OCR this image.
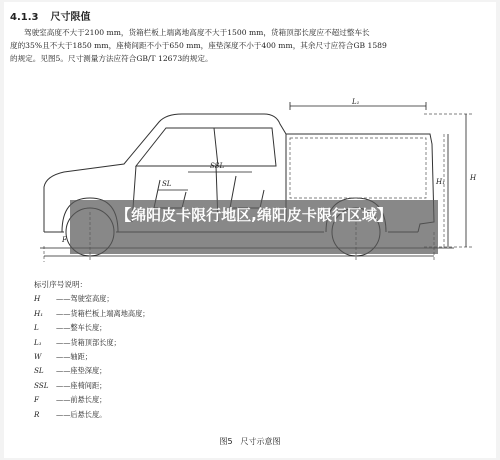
4.1.3 尺寸限值
驾驶室高度不大于2100 mm，货箱栏板上端离地高度不大于1500 mm，货箱顶部长度应不超过整车长
度的35%且不大于1850 mm，座椅间距不小于650 mm，座垫深度不小于400 mm，其余尺寸应符合GB 1589
的规定。见图5。尺寸测量方法应符合GB/T 12673的规定。
L₁
H
H₁
SL
SSL
F
【绵阳皮卡限行地区,绵阳皮卡限行区域】
标引序号说明：
H ——驾驶室高度；
H₁ ——货箱栏板上端离地高度；
L ——整车长度；
L₁ ——货箱顶部长度；
W ——轴距；
SL ——座垫深度；
SSL ——座椅间距；
F ——前悬长度；
R ——后悬长度。
图5 尺寸示意图
